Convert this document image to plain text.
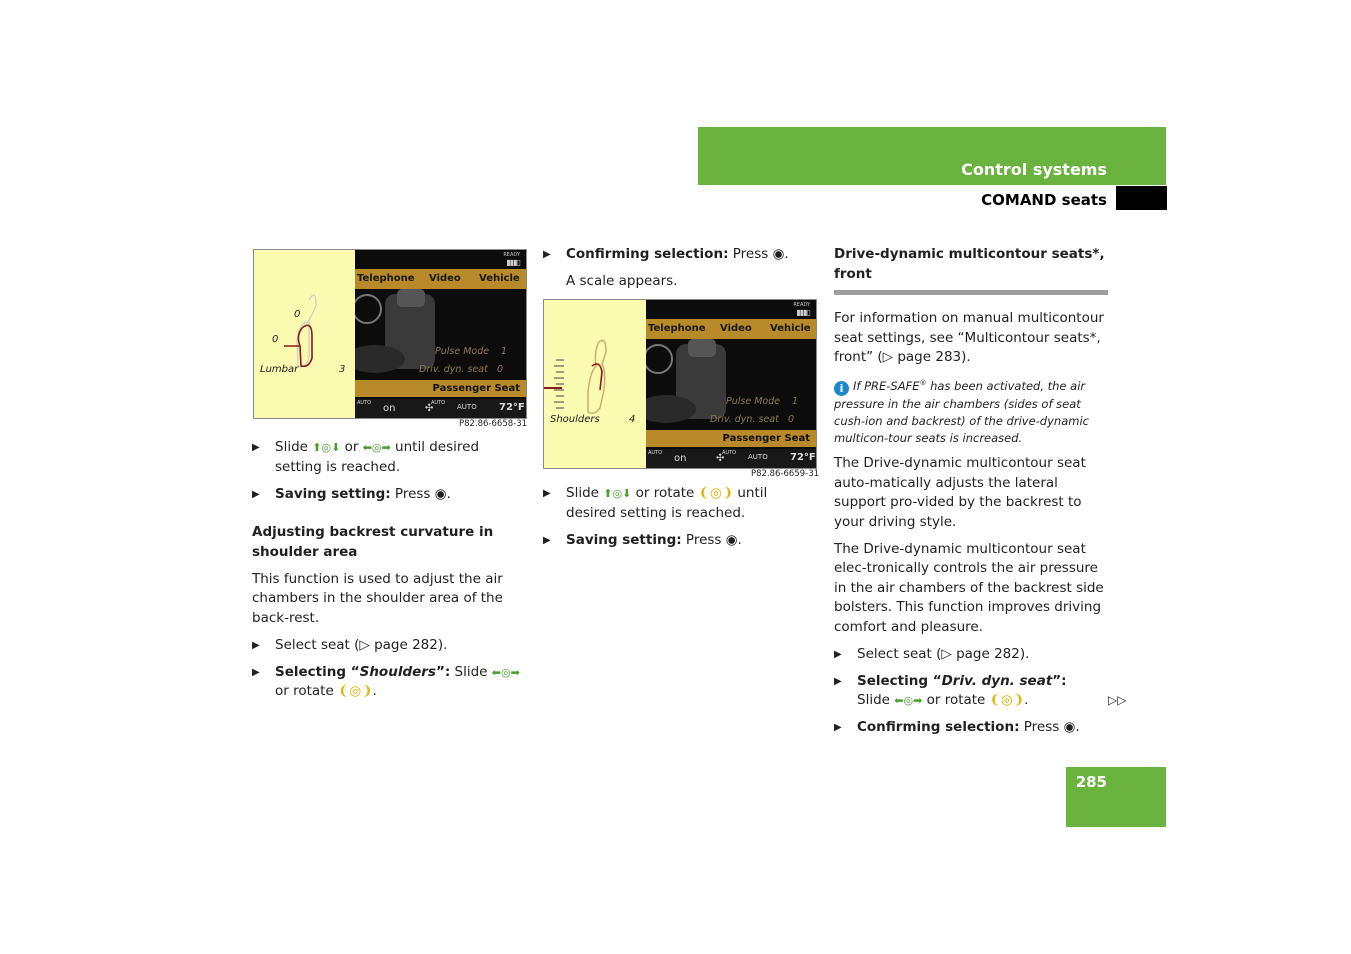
Control systems
COMAND seats
0
0
Lumbar	3
READY
▮▮▮▯
Telephone Video Vehicle
Pulse Mode 1
Driv. dyn. seat 0
Passenger Seat
AUTO on	✣
AUTO AUTO 72°F
P82.86-6658-31
▶ Slide ⬆◎⬇ or ⬅◎➡ until desired setting is reached.
▶ Saving setting: Press ◉.
Adjusting backrest curvature in shoulder area

This function is used to adjust the air chambers in the shoulder area of the back-rest.

▶ Select seat (▷ page 282).
▶ Selecting “Shoulders”: Slide ⬅◎➡ or rotate ❨◎❩.
▶ Confirming selection: Press ◉.

A scale appears.

Shoulders	4
READY
▮▮▮▯
Telephone Video Vehicle
Pulse Mode 1
Driv. dyn. seat 0
Passenger Seat
AUTO on	✣
AUTO AUTO 72°F
P82.86-6659-31
▶ Slide ⬆◎⬇ or rotate ❨◎❩ until desired setting is reached.
▶ Saving setting: Press ◉.
Drive-dynamic multicontour seats*, front

For information on manual multicontour seat settings, see “Multicontour seats*, front” (▷ page 283).

i If PRE-SAFE® has been activated, the air pressure in the air chambers (sides of seat cush-ion and backrest) of the drive-dynamic multicon-tour seats is increased.

The Drive-dynamic multicontour seat auto-matically adjusts the lateral support pro-vided by the backrest to your driving style.

The Drive-dynamic multicontour seat elec-tronically controls the air pressure in the air chambers of the backrest side bolsters. This function improves driving comfort and pleasure.

▶ Select seat (▷ page 282).
▶ Selecting “Driv. dyn. seat”:
Slide ⬅◎➡ or rotate ❨◎❩.
▶ Confirming selection: Press ◉.
▷▷
285
